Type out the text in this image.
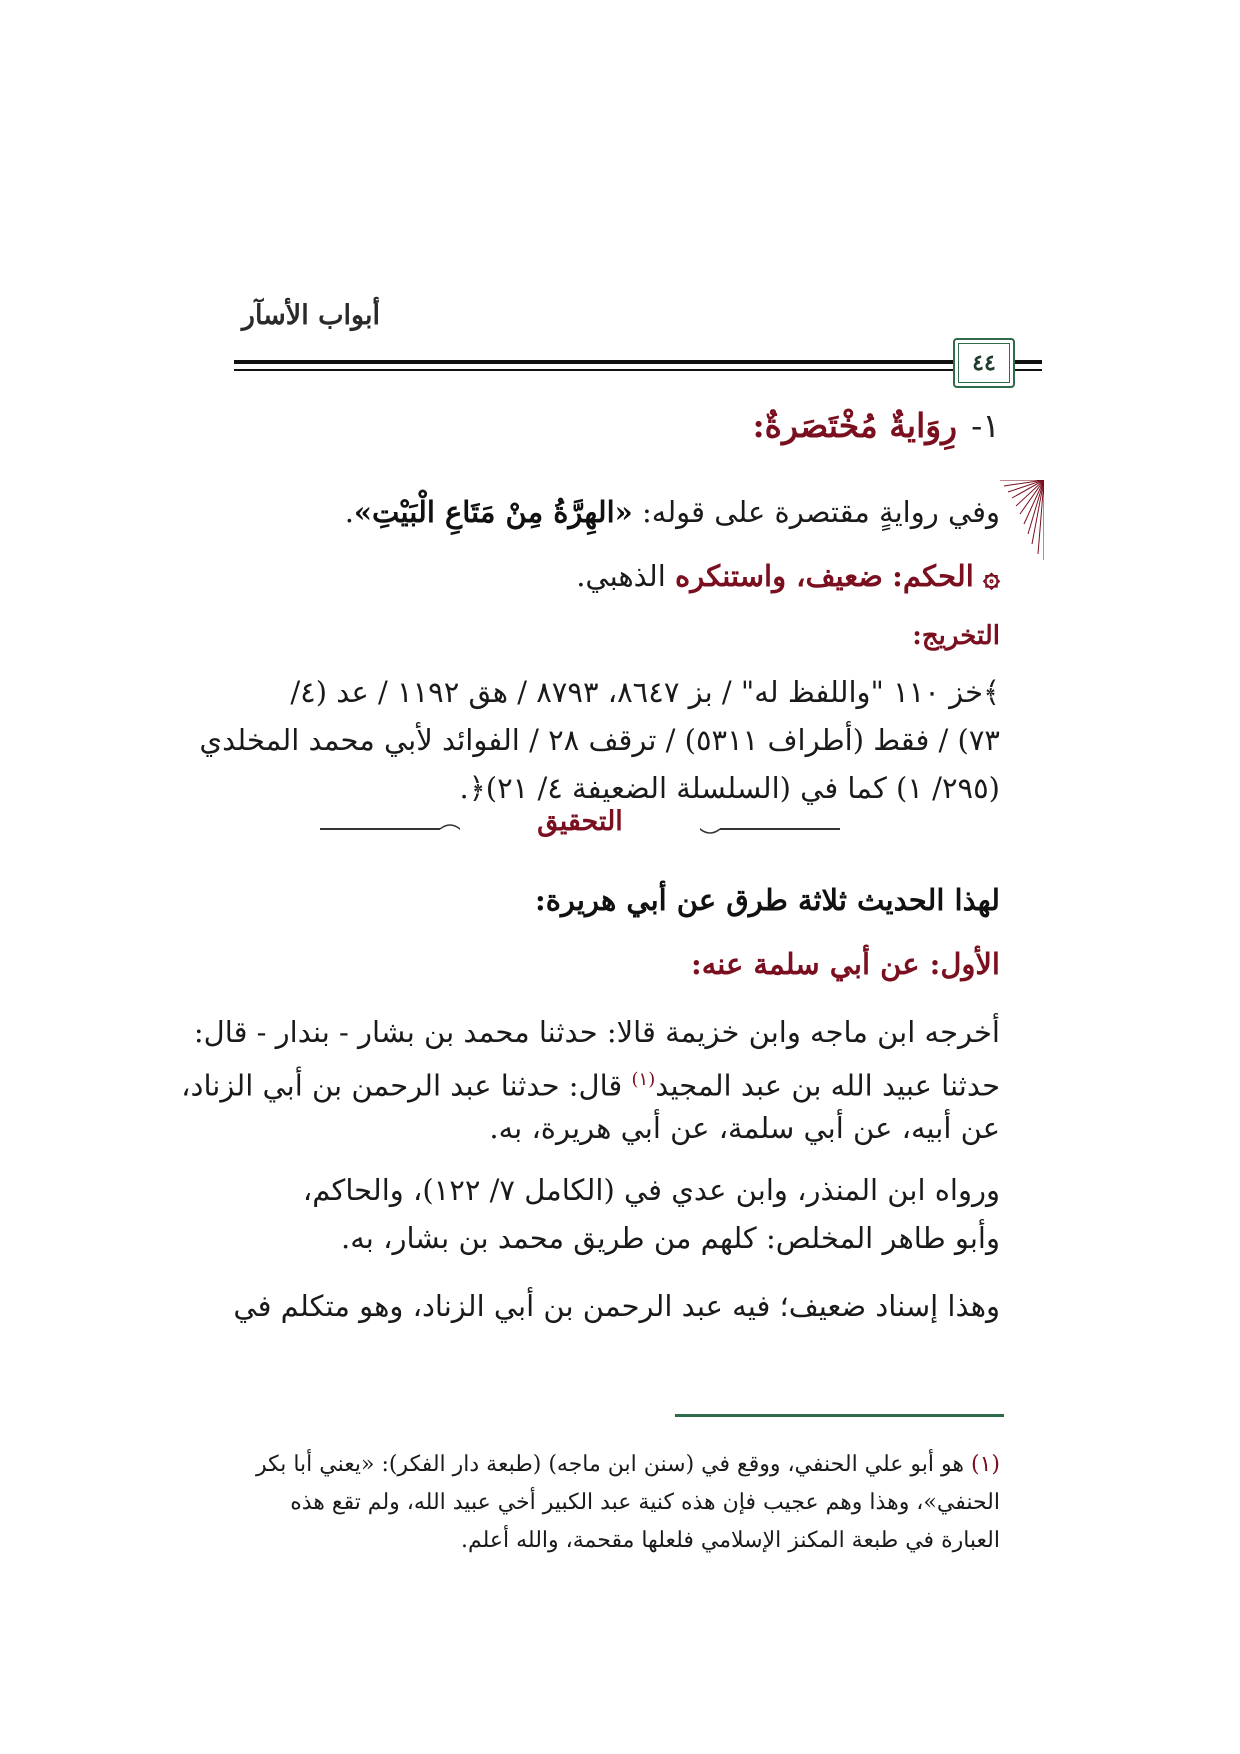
أبواب الأسآر
٤٤
١-رِوَايةٌ مُخْتَصَرةٌ:
وفي روايةٍ مقتصرة على قوله: «الهِرَّةُ مِنْ مَتَاعِ الْبَيْتِ».
۞ الحكم: ضعيف، واستنكره الذهبي.
التخريج:
﴾خز ١١٠ "واللفظ له" / بز ٨٦٤٧، ٨٧٩٣ / هق ١١٩٢ / عد (٤/
٧٣) / فقط (أطراف ٥٣١١) / ترقف ٢٨ / الفوائد لأبي محمد المخلدي
(٢٩٥/ ١) كما في (السلسلة الضعيفة ٤/ ٢١)﴿.
التحقيق
لهذا الحديث ثلاثة طرق عن أبي هريرة:
الأول: عن أبي سلمة عنه:
أخرجه ابن ماجه وابن خزيمة قالا: حدثنا محمد بن بشار - بندار - قال:
حدثنا عبيد الله بن عبد المجيد$^{(١)}$ قال: حدثنا عبد الرحمن بن أبي الزناد،
عن أبيه، عن أبي سلمة، عن أبي هريرة، به.
ورواه ابن المنذر، وابن عدي في (الكامل ٧/ ١٢٢)، والحاكم،
وأبو طاهر المخلص: كلهم من طريق محمد بن بشار، به.
وهذا إسناد ضعيف؛ فيه عبد الرحمن بن أبي الزناد، وهو متكلم في
(١) هو أبو علي الحنفي، ووقع في (سنن ابن ماجه) (طبعة دار الفكر): «يعني أبا بكر
الحنفي»، وهذا وهم عجيب فإن هذه كنية عبد الكبير أخي عبيد الله، ولم تقع هذه
العبارة في طبعة المكنز الإسلامي فلعلها مقحمة، والله أعلم.
